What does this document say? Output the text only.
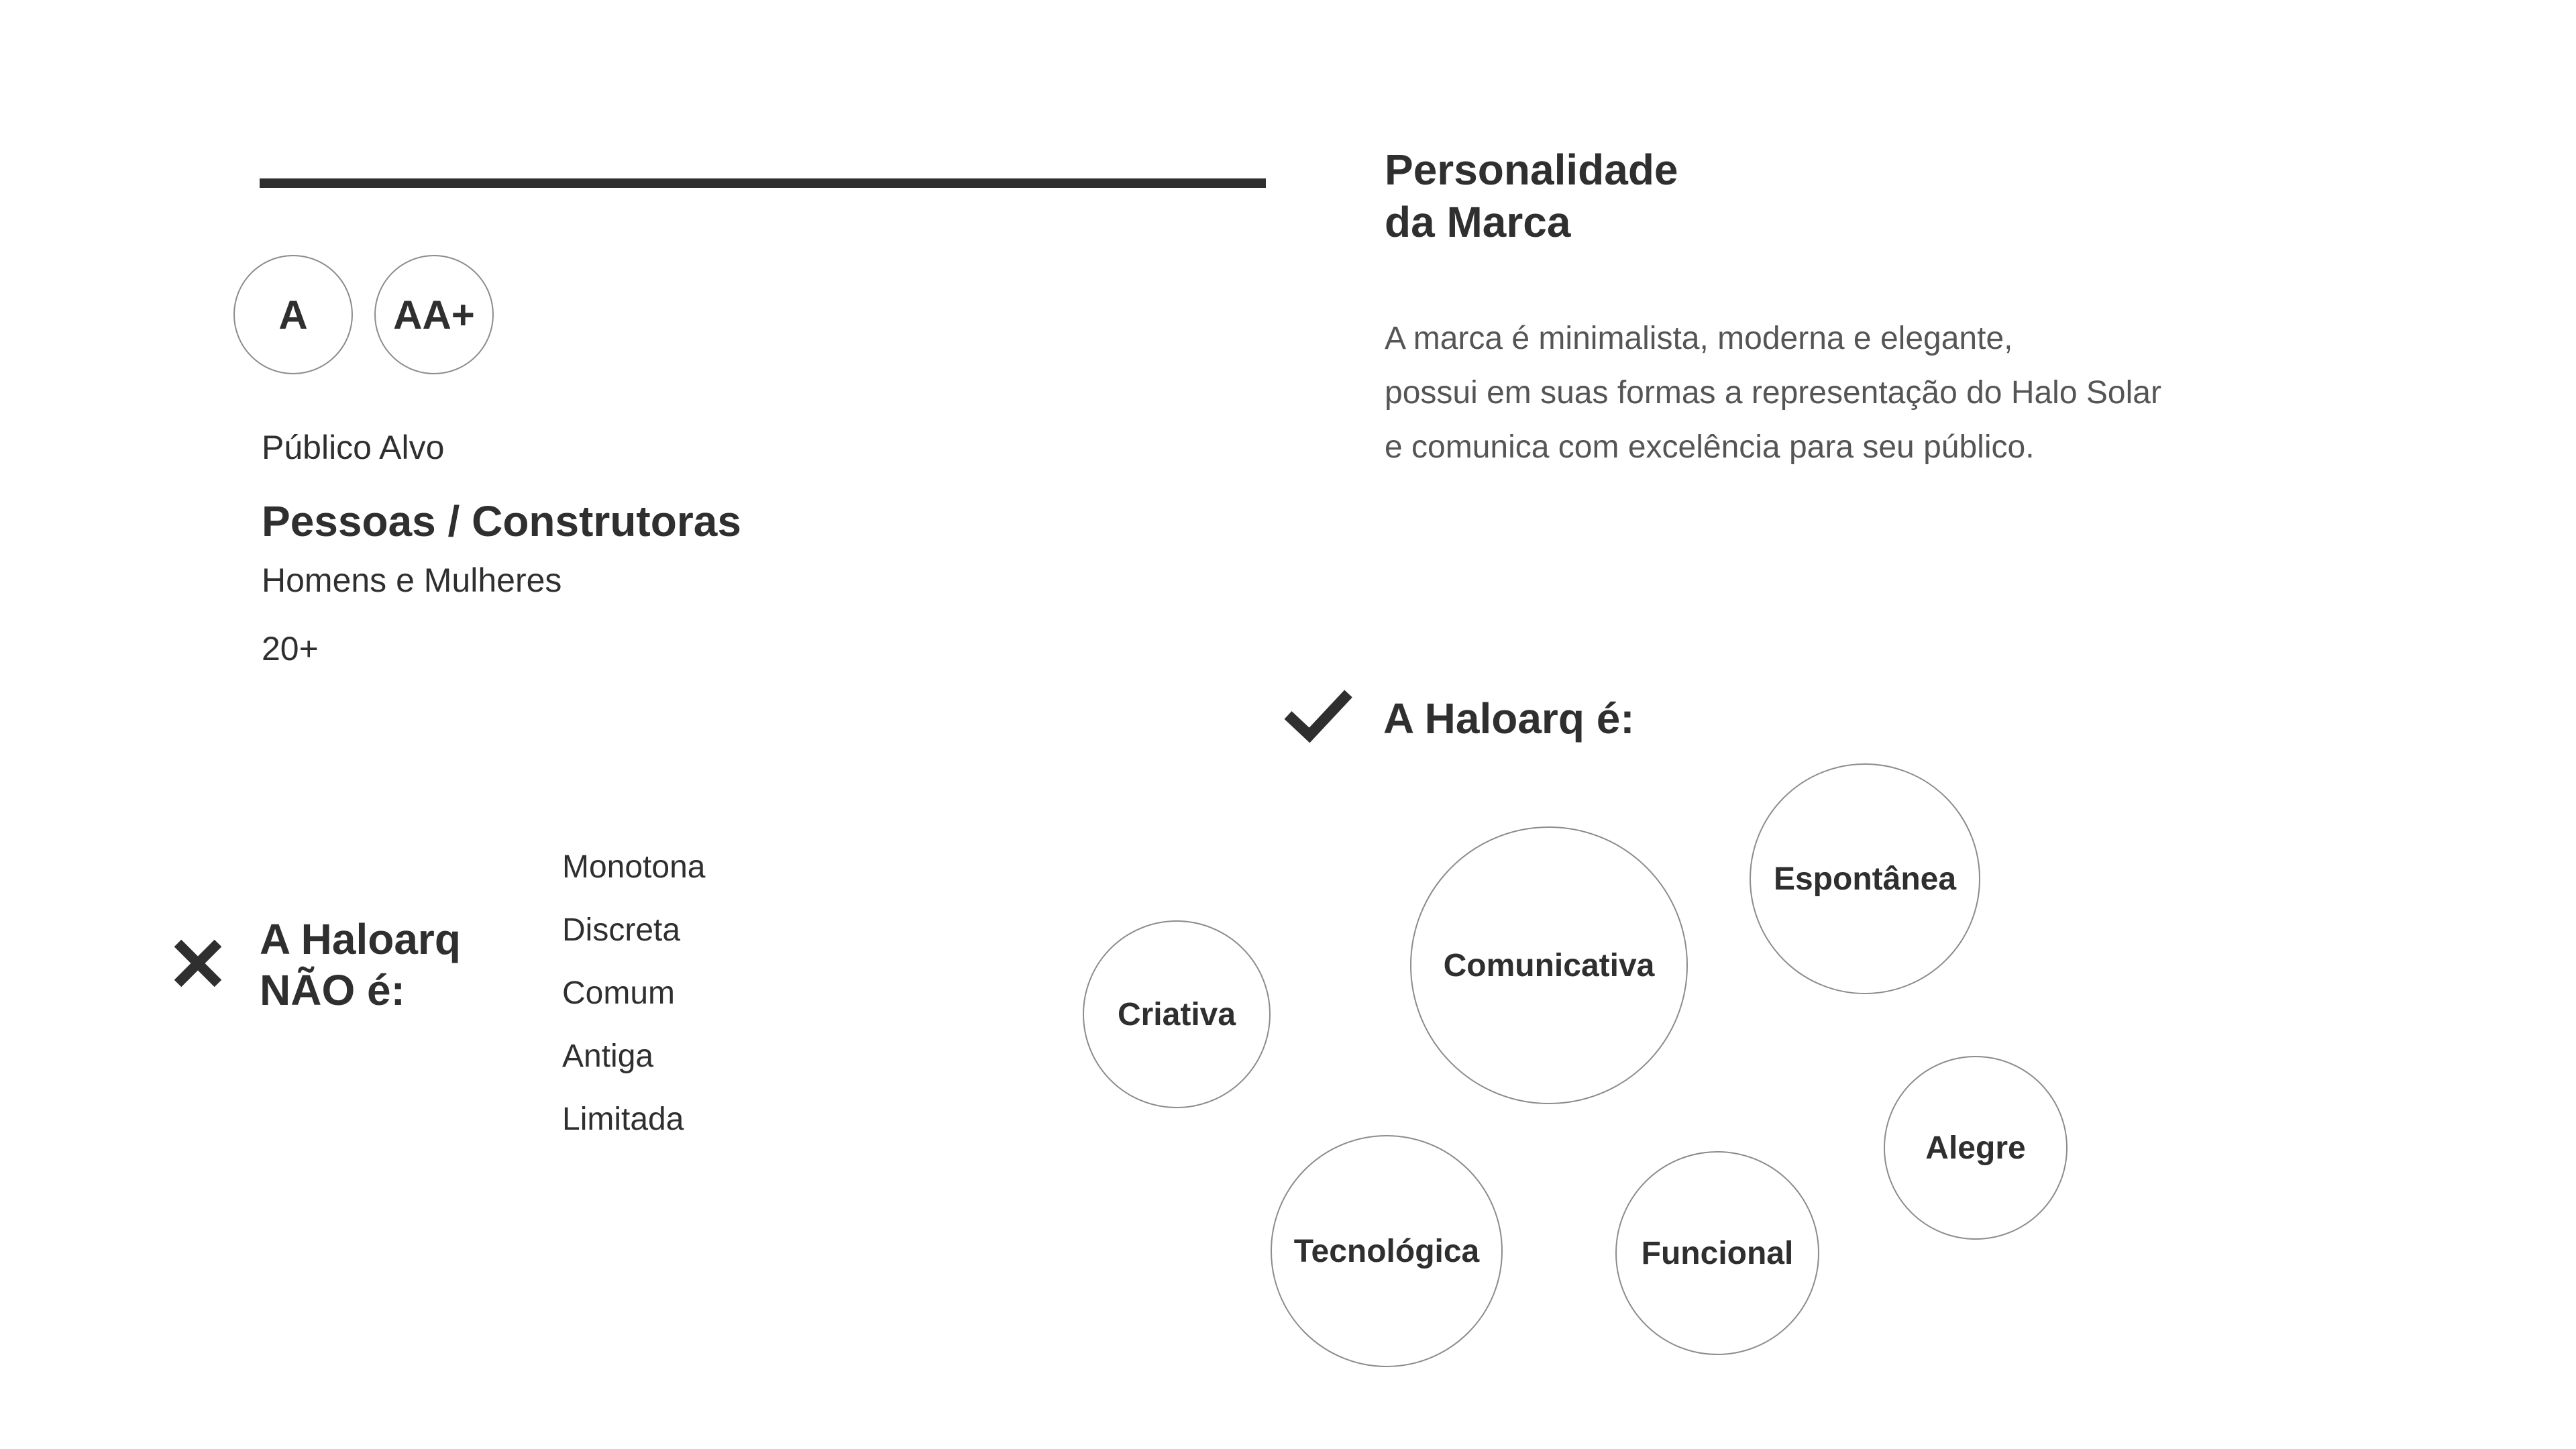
A	AA+
Público Alvo
Pessoas / Construtoras
Homens e Mulheres
20+
Personalidade
da Marca
A marca é minimalista, moderna e elegante,
possui em suas formas a representação do Halo Solar
e comunica com excelência para seu público.
A Haloarq é:
A Haloarq
NÃO é:
Monotona
Discreta
Comum
Antiga
Limitada
Espontânea
Comunicativa
Criativa
Alegre
Tecnológica	Funcional
